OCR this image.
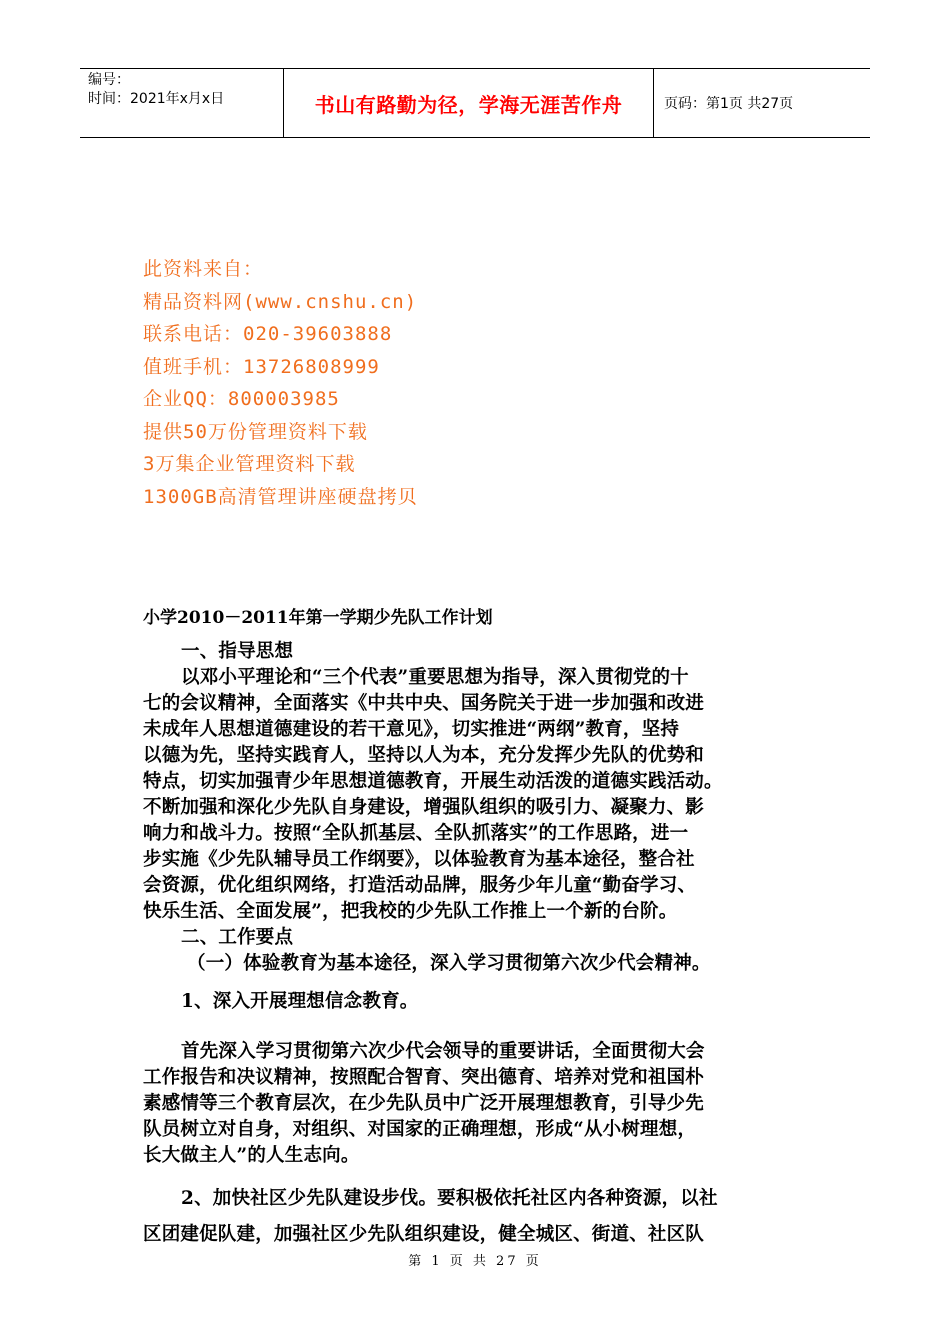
编号：
时间：2021年x月x日	书山有路勤为径，学海无涯苦作舟	页码：第1页 共27页
此资料来自：
精品资料网(www.cnshu.cn)
联系电话：020-39603888
值班手机：13726808999
企业QQ：800003985
提供50万份管理资料下载
3万集企业管理资料下载
1300GB高清管理讲座硬盘拷贝
小学2010－2011年第一学期少先队工作计划
一、指导思想
以邓小平理论和“三个代表”重要思想为指导，深入贯彻党的十
七的会议精神，全面落实《中共中央、国务院关于进一步加强和改进
未成年人思想道德建设的若干意见》，切实推进“两纲”教育，坚持
以德为先，坚持实践育人，坚持以人为本，充分发挥少先队的优势和
特点，切实加强青少年思想道德教育，开展生动活泼的道德实践活动。
不断加强和深化少先队自身建设，增强队组织的吸引力、凝聚力、影
响力和战斗力。按照“全队抓基层、全队抓落实”的工作思路，进一
步实施《少先队辅导员工作纲要》，以体验教育为基本途径，整合社
会资源，优化组织网络，打造活动品牌，服务少年儿童“勤奋学习、
快乐生活、全面发展”，把我校的少先队工作推上一个新的台阶。
二、工作要点
（一）体验教育为基本途径，深入学习贯彻第六次少代会精神。
1、深入开展理想信念教育。
首先深入学习贯彻第六次少代会领导的重要讲话，全面贯彻大会
工作报告和决议精神，按照配合智育、突出德育、培养对党和祖国朴
素感情等三个教育层次，在少先队员中广泛开展理想教育，引导少先
队员树立对自身，对组织、对国家的正确理想，形成“从小树理想，
长大做主人”的人生志向。
2、加快社区少先队建设步伐。要积极依托社区内各种资源，以社
区团建促队建，加强社区少先队组织建设，健全城区、街道、社区队
第 1 页 共 27 页
